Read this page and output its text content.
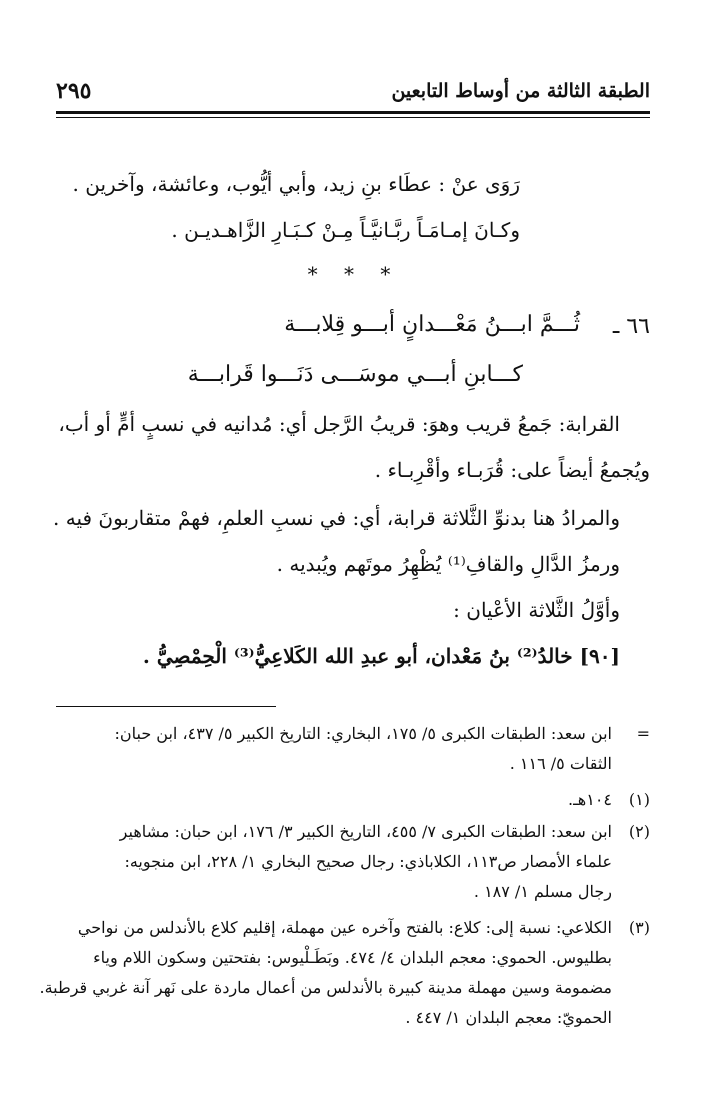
الطبقة الثالثة من أوساط التابعين
٢٩٥
رَوَى عنْ : عطَاء بنِ زيد، وأبي أيُّوب، وعائشة، وآخرين .
وكـانَ إمـامَـاً ربَّـانيَّـاً مِـنْ كـبَـارِ الزَّاهـديـن .
* * *
٦٦ ـ
ثُـــمَّ ابـــنُ مَعْـــدانٍ أبـــو قِلابـــة
كـــابنِ أبـــي موسَـــى دَنَـــوا قَرابـــة
القرابة: جَمعُ قريب وهوَ: قريبُ الرَّجل أي: مُدانيه في نسبٍ أمٍّ أو أب،
ويُجمعُ أيضاً على: قُرَبـاء وأقْرِبـاء .
والمرادُ هنا بدنوِّ الثَّلاثة قرابة، أي: في نسبِ العلمِ، فهمْ متقاربونَ فيه .
ورمزُ الدَّالِ والقافِ⁽¹⁾ يُظْهِرُ موتَهم ويُبديه .
وأوَّلُ الثَّلاثة الأعْيان :
[٩٠] خالدُ⁽²⁾ بنُ مَعْدان، أبو عبدِ الله الكَلاعِيُّ⁽³⁾ الْحِمْصِيُّ .
=
ابن سعد: الطبقات الكبرى ٥/ ١٧٥، البخاري: التاريخ الكبير ٥/ ٤٣٧، ابن حبان:
الثقات ٥/ ١١٦ .
(١)
١٠٤هـ.
(٢)
ابن سعد: الطبقات الكبرى ٧/ ٤٥٥، التاريخ الكبير ٣/ ١٧٦، ابن حبان: مشاهير
علماء الأمصار ص١١٣، الكلاباذي: رجال صحيح البخاري ١/ ٢٢٨، ابن منجويه:
رجال مسلم ١/ ١٨٧ .
(٣)
الكلاعي: نسبة إلى: كلاع: بالفتح وآخره عين مهملة، إقليم كلاع بالأندلس من نواحي
بطليوس. الحموي: معجم البلدان ٤/ ٤٧٤. وبَطَـلْيوس: بفتحتين وسكون اللام وياء
مضمومة وسين مهملة مدينة كبيرة بالأندلس من أعمال ماردة على نَهر آنة غربي قرطبة.
الحمويّ: معجم البلدان ١/ ٤٤٧ .
